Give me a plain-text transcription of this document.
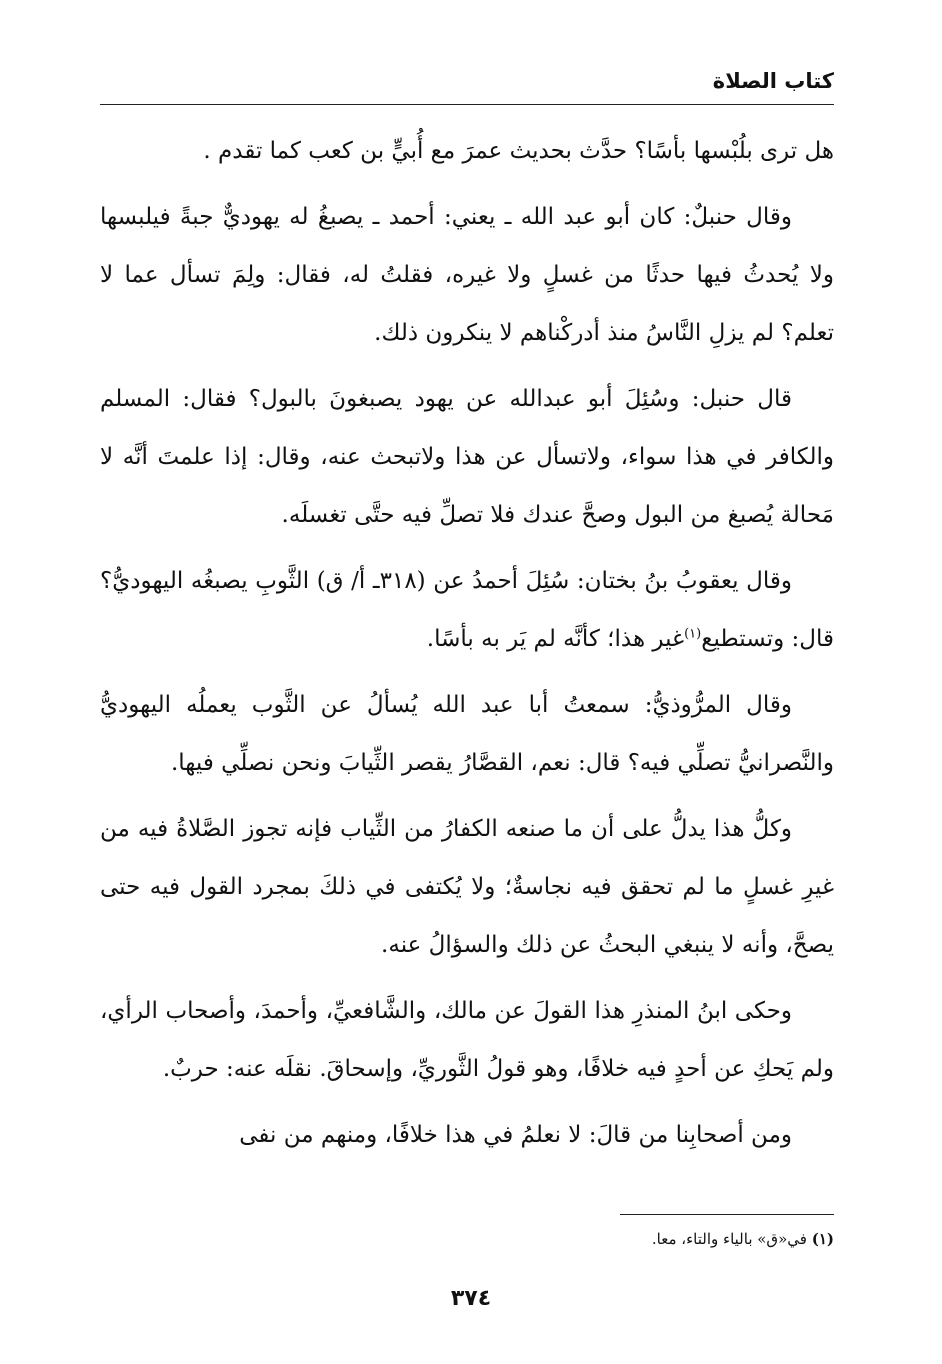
كتاب الصلاة

هل ترى بلُبْسها بأسًا؟ حدَّث بحديث عمرَ مع أُبيٍّ بن كعب كما تقدم .

وقال حنبلٌ: كان أبو عبد الله ـ يعني: أحمد ـ يصبغُ له يهوديٌّ جبةً فيلبسها ولا يُحدثُ فيها حدثًا من غسلٍ ولا غيره، فقلتُ له، فقال: ولِمَ تسأل عما لا تعلم؟ لم يزلِ النَّاسُ منذ أدركْناهم لا ينكرون ذلك.

قال حنبل: وسُئِلَ أبو عبدالله عن يهود يصبغونَ بالبول؟ فقال: المسلم والكافر في هذا سواء، ولاتسأل عن هذا ولاتبحث عنه، وقال: إذا علمتَ أنَّه لا مَحالة يُصبغ من البول وصحَّ عندك فلا تصلِّ فيه حتَّى تغسلَه.

وقال يعقوبُ بنُ بختان: سُئِلَ أحمدُ عن (٣١٨ـ أ/ ق) الثَّوبِ يصبغُه اليهوديُّ؟ قال: وتستطيع$^{(١)}$غير هذا؛ كأنَّه لم يَر به بأسًا.

وقال المرُّوذيُّ: سمعتُ أبا عبد الله يُسألُ عن الثَّوب يعملُه اليهوديُّ والنَّصرانيُّ تصلِّي فيه؟ قال: نعم، القصَّارُ يقصر الثِّيابَ ونحن نصلِّي فيها.

وكلُّ هذا يدلُّ على أن ما صنعه الكفارُ من الثِّياب فإنه تجوز الصَّلاةُ فيه من غيرِ غسلٍ ما لم تحقق فيه نجاسةٌ؛ ولا يُكتفى في ذلكَ بمجرد القول فيه حتى يصحَّ، وأنه لا ينبغي البحثُ عن ذلك والسؤالُ عنه.

وحكى ابنُ المنذرِ هذا القولَ عن مالك، والشَّافعيِّ، وأحمدَ، وأصحاب الرأي، ولم يَحكِ عن أحدٍ فيه خلافًا، وهو قولُ الثَّوريِّ، وإسحاقَ. نقلَه عنه: حربٌ.

ومن أصحابِنا من قالَ: لا نعلمُ في هذا خلافًا، ومنهم من نفى

(١) في«ق» بالياء والتاء، معا.
٣٧٤
